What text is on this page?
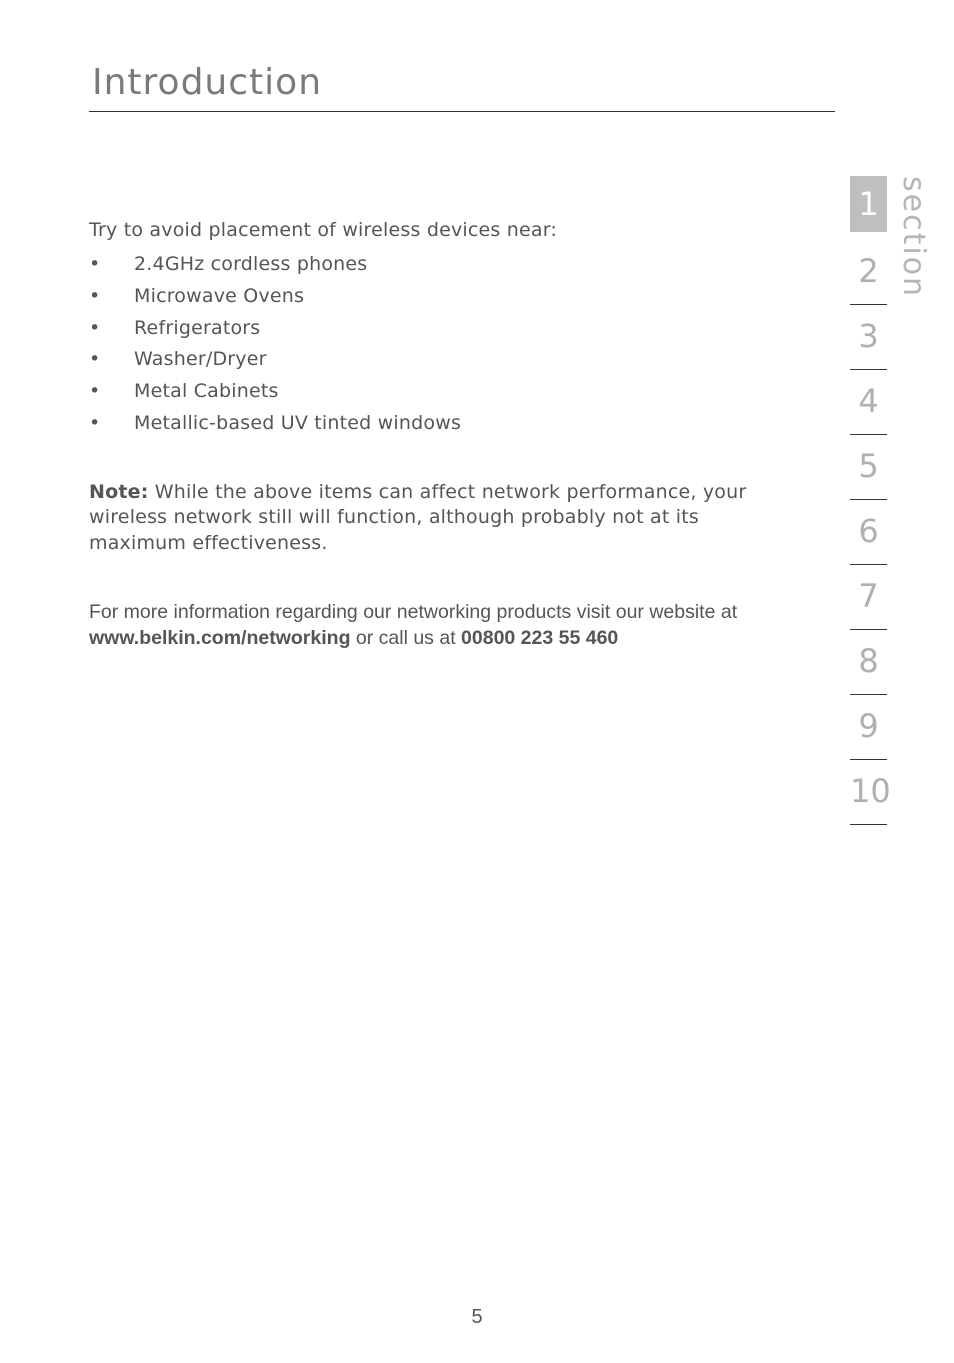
Introduction

Try to avoid placement of wireless devices near:

• 2.4GHz cordless phones
• Microwave Ovens
• Refrigerators
• Washer/Dryer
• Metal Cabinets
• Metallic-based UV tinted windows

Note: While the above items can affect network performance, your wireless network still will function, although probably not at its maximum effectiveness.

For more information regarding our networking products visit our website at www.belkin.com/networking or call us at 00800 223 55 460

1
2
3
4
5
6
7
8
9
10
section
5
